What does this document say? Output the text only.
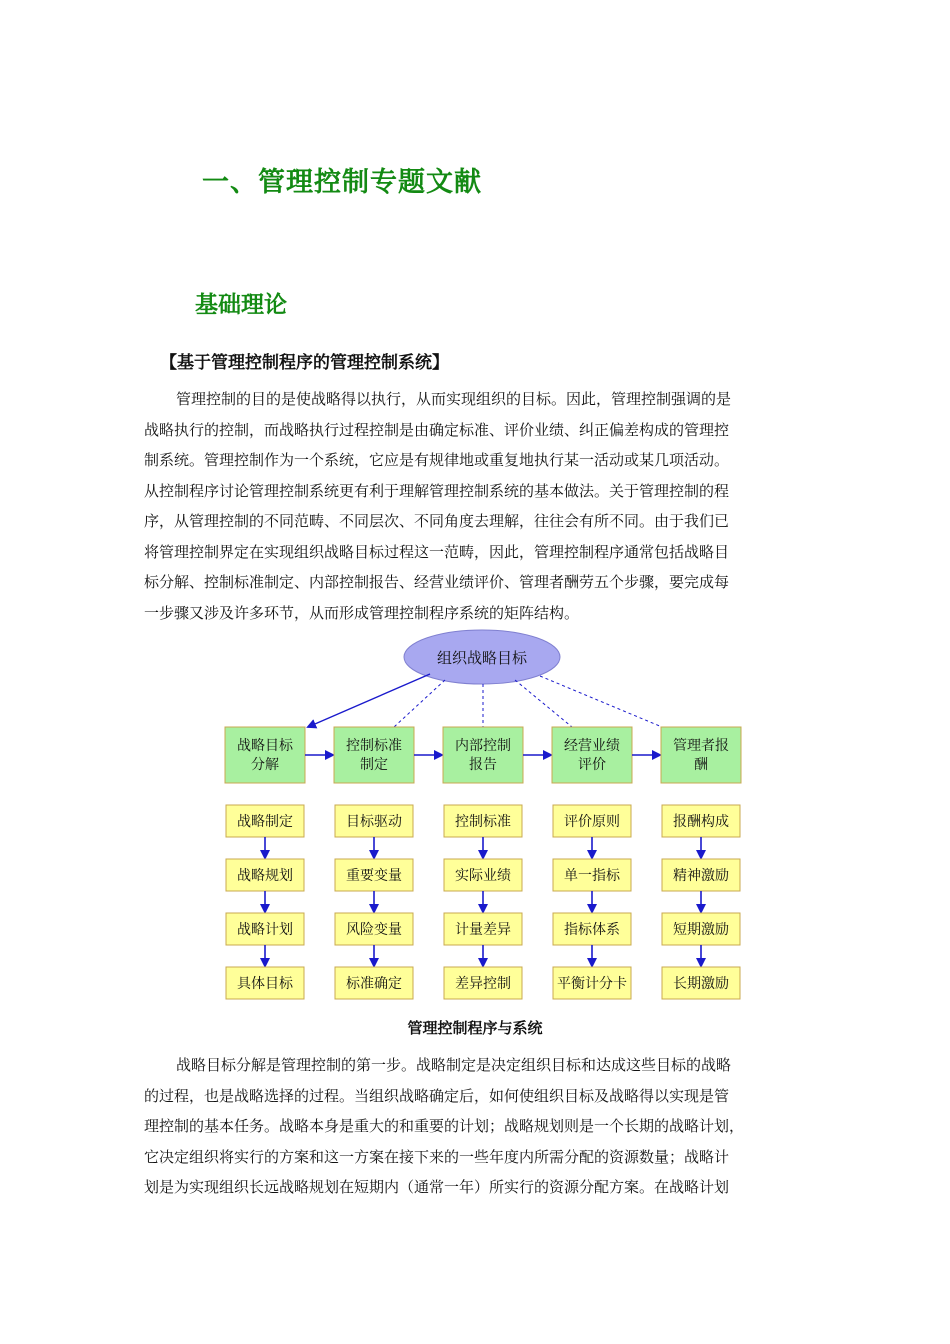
一、管理控制专题文献
基础理论
【基于管理控制程序的管理控制系统】
管理控制的目的是使战略得以执行，从而实现组织的目标。因此，管理控制强调的是
战略执行的控制，而战略执行过程控制是由确定标准、评价业绩、纠正偏差构成的管理控
制系统。管理控制作为一个系统，它应是有规律地或重复地执行某一活动或某几项活动。
从控制程序讨论管理控制系统更有利于理解管理控制系统的基本做法。关于管理控制的程
序，从管理控制的不同范畴、不同层次、不同角度去理解，往往会有所不同。由于我们已
将管理控制界定在实现组织战略目标过程这一范畴，因此，管理控制程序通常包括战略目
标分解、控制标准制定、内部控制报告、经营业绩评价、管理者酬劳五个步骤，要完成每
一步骤又涉及许多环节，从而形成管理控制程序系统的矩阵结构。
组织战略目标
战略目标
分解
战略制定
战略规划
战略计划
具体目标
控制标准
制定
目标驱动
重要变量
风险变量
标准确定
内部控制
报告
控制标准
实际业绩
计量差异
差异控制
经营业绩
评价
评价原则
单一指标
指标体系
平衡计分卡
管理者报
酬
报酬构成
精神激励
短期激励
长期激励
管理控制程序与系统
战略目标分解是管理控制的第一步。战略制定是决定组织目标和达成这些目标的战略
的过程，也是战略选择的过程。当组织战略确定后，如何使组织目标及战略得以实现是管
理控制的基本任务。战略本身是重大的和重要的计划；战略规划则是一个长期的战略计划，
它决定组织将实行的方案和这一方案在接下来的一些年度内所需分配的资源数量；战略计
划是为实现组织长远战略规划在短期内（通常一年）所实行的资源分配方案。在战略计划
